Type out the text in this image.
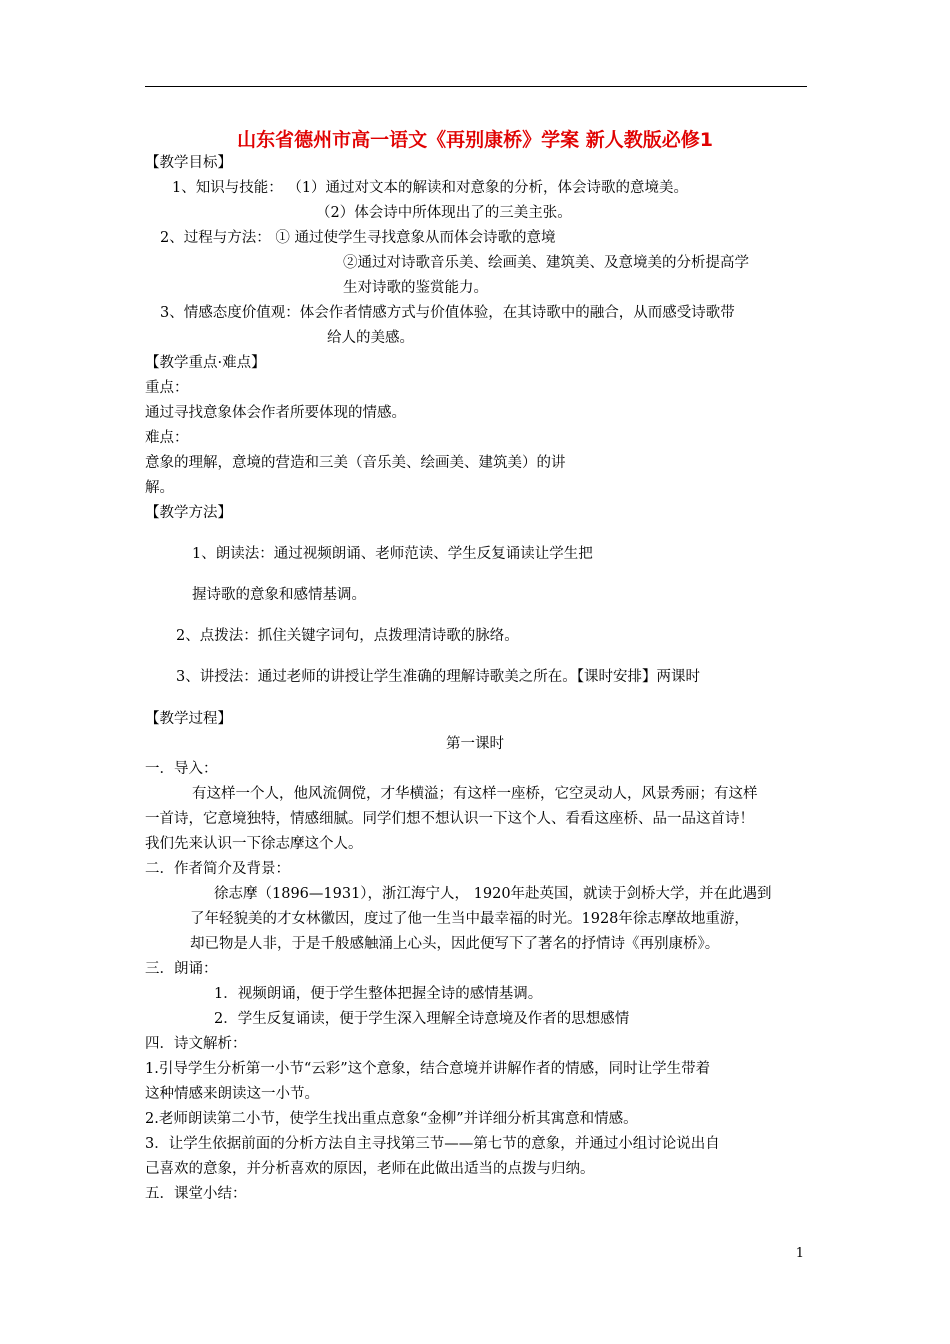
山东省德州市高一语文《再别康桥》学案 新人教版必修1
【教学目标】
1、知识与技能： （1）通过对文本的解读和对意象的分析，体会诗歌的意境美。
（2）体会诗中所体现出了的三美主张。
2、过程与方法： ① 通过使学生寻找意象从而体会诗歌的意境
②通过对诗歌音乐美、绘画美、建筑美、及意境美的分析提高学
生对诗歌的鉴赏能力。
3、情感态度价值观：体会作者情感方式与价值体验，在其诗歌中的融合，从而感受诗歌带
给人的美感。
【教学重点·难点】
重点：
通过寻找意象体会作者所要体现的情感。
难点：
意象的理解，意境的营造和三美（音乐美、绘画美、建筑美）的讲
解。
【教学方法】
1、朗读法：通过视频朗诵、老师范读、学生反复诵读让学生把
握诗歌的意象和感情基调。
2、点拨法：抓住关键字词句，点拨理清诗歌的脉络。
3、讲授法：通过老师的讲授让学生准确的理解诗歌美之所在。【课时安排】两课时
【教学过程】
第一课时
一．导入：
有这样一个人，他风流倜傥，才华横溢；有这样一座桥，它空灵动人，风景秀丽；有这样
一首诗，它意境独特，情感细腻。同学们想不想认识一下这个人、看看这座桥、品一品这首诗！
我们先来认识一下徐志摩这个人。
二．作者简介及背景：
徐志摩（1896—1931），浙江海宁人， 1920年赴英国，就读于剑桥大学，并在此遇到
了年轻貌美的才女林徽因，度过了他一生当中最幸福的时光。1928年徐志摩故地重游，
却已物是人非，于是千般感触涌上心头，因此便写下了著名的抒情诗《再别康桥》。
三．朗诵：
1．视频朗诵，便于学生整体把握全诗的感情基调。
2．学生反复诵读，便于学生深入理解全诗意境及作者的思想感情
四．诗文解析：
1.引导学生分析第一小节“云彩”这个意象，结合意境并讲解作者的情感，同时让学生带着
这种情感来朗读这一小节。
2.老师朗读第二小节，使学生找出重点意象“金柳”并详细分析其寓意和情感。
3．让学生依据前面的分析方法自主寻找第三节——第七节的意象，并通过小组讨论说出自
己喜欢的意象，并分析喜欢的原因，老师在此做出适当的点拨与归纳。
五．课堂小结：
1
